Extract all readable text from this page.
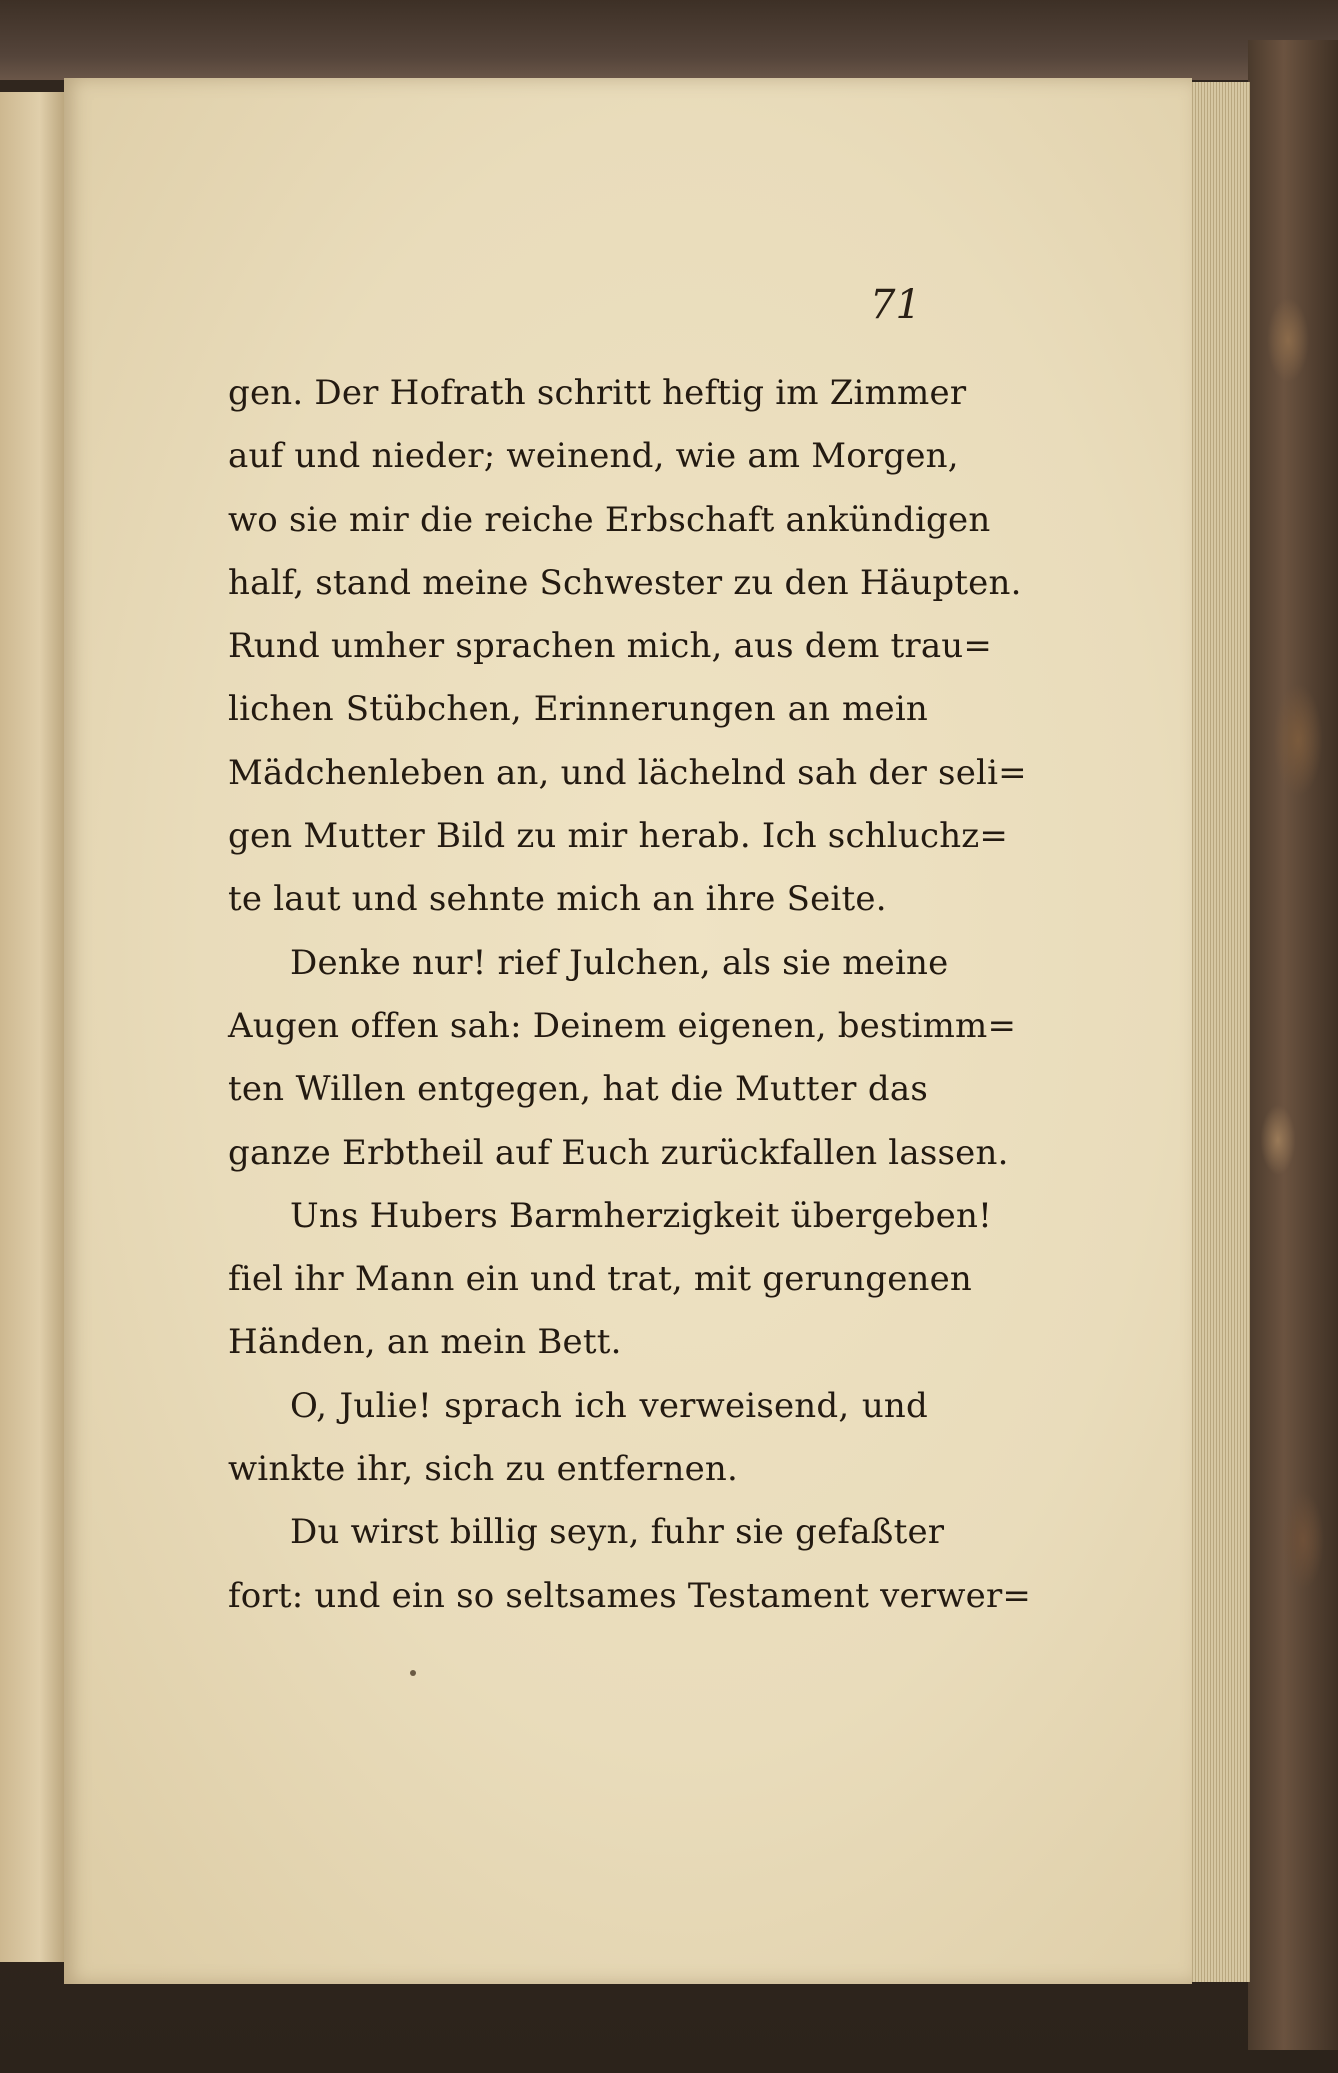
71
gen. Der Hofrath schritt heftig im Zimmer
auf und nieder; weinend, wie am Morgen,
wo sie mir die reiche Erbschaft ankündigen
half, stand meine Schwester zu den Häupten.
Rund umher sprachen mich, aus dem trau=
lichen Stübchen, Erinnerungen an mein
Mädchenleben an, und lächelnd sah der seli=
gen Mutter Bild zu mir herab. Ich schluchz=
te laut und sehnte mich an ihre Seite.
Denke nur! rief Julchen, als sie meine
Augen offen sah: Deinem eigenen, bestimm=
ten Willen entgegen, hat die Mutter das
ganze Erbtheil auf Euch zurückfallen lassen.
Uns Hubers Barmherzigkeit übergeben!
fiel ihr Mann ein und trat, mit gerungenen
Händen, an mein Bett.
O, Julie! sprach ich verweisend, und
winkte ihr, sich zu entfernen.
Du wirst billig seyn, fuhr sie gefaßter
fort: und ein so seltsames Testament verwer=
